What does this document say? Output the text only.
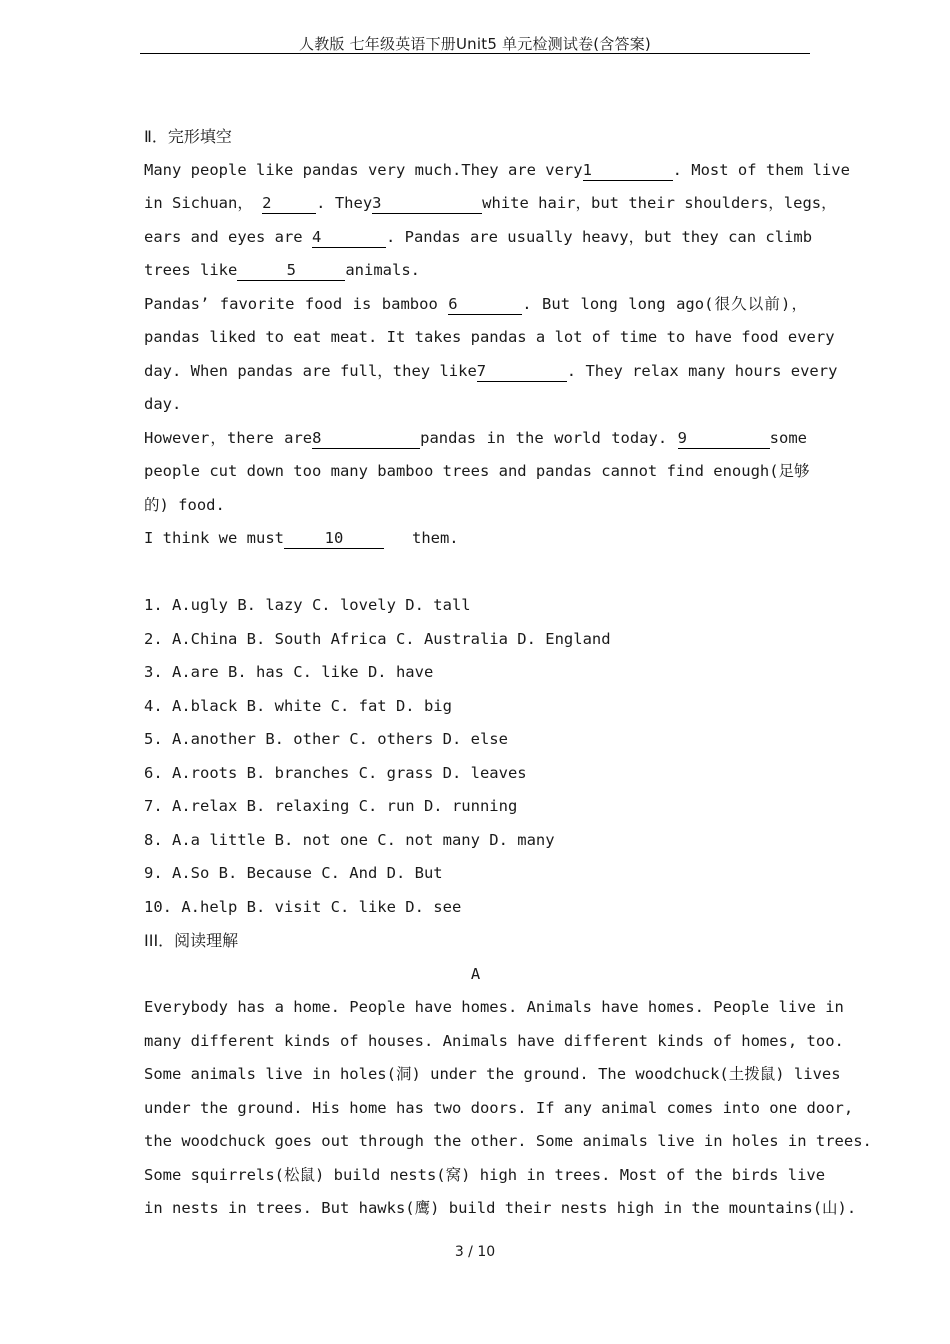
人教版 七年级英语下册Unit5 单元检测试卷(含答案)
Ⅱ．完形填空
Many people like pandas very much.They are very1	. Most of them live
in Sichuan， 2	. They3	white hair，but their shoulders，legs，
ears and eyes are 4	. Pandas are usually heavy，but they can climb
trees like	5	animals.
Pandas’ favorite food is bamboo 6	. But long long ago(很久以前)，
pandas liked to eat meat. It takes pandas a lot of time to have food every
day. When pandas are full，they like7	. They relax many hours every
day.
However，there are8	pandas in the world today. 9	some
people cut down too many bamboo trees and pandas cannot find enough(足够
的) food.
I think we must	10	them.
1. A.ugly B. lazy C. lovely D. tall
2. A.China B. South Africa C. Australia D. England
3. A.are B. has C. like D. have
4. A.black B. white C. fat D. big
5. A.another B. other C. others D. else
6. A.roots B. branches C. grass D. leaves
7. A.relax B. relaxing C. run D. running
8. A.a little B. not one C. not many D. many
9. A.So B. Because C. And D. But
10. A.help B. visit C. like D. see
III．阅读理解
A
Everybody has a home. People have homes. Animals have homes. People live in
many different kinds of houses. Animals have different kinds of homes, too.
Some animals live in holes(洞) under the ground. The woodchuck(土拨鼠) lives
under the ground. His home has two doors. If any animal comes into one door,
the woodchuck goes out through the other. Some animals live in holes in trees.
Some squirrels(松鼠) build nests(窝) high in trees. Most of the birds live
in nests in trees. But hawks(鹰) build their nests high in the mountains(山).
3 / 10
